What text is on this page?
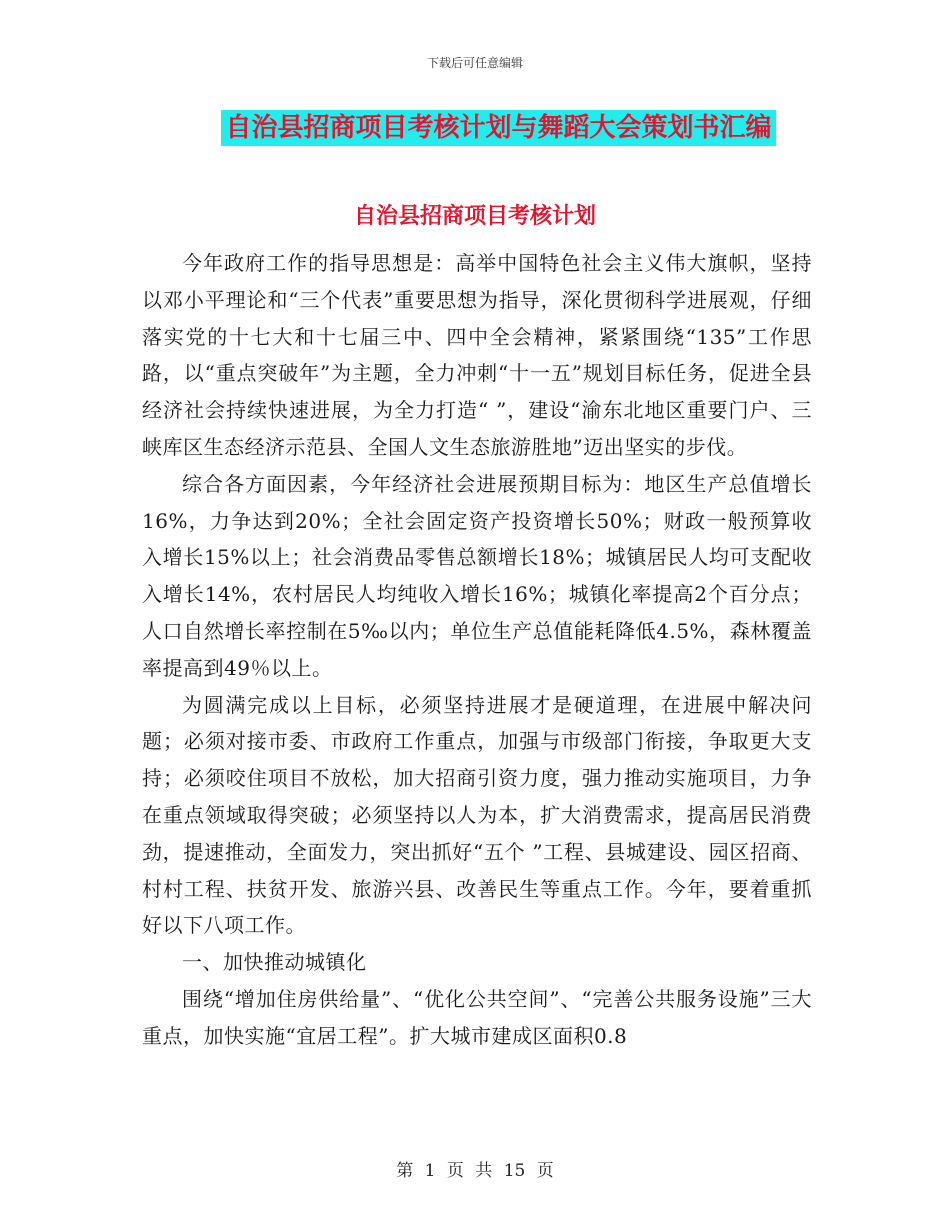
下载后可任意编辑
自治县招商项目考核计划与舞蹈大会策划书汇编
自治县招商项目考核计划

今年政府工作的指导思想是：高举中国特色社会主义伟大旗帜，坚持以邓小平理论和“三个代表”重要思想为指导，深化贯彻科学进展观，仔细落实党的十七大和十七届三中、四中全会精神，紧紧围绕“135”工作思路，以“重点突破年”为主题，全力冲刺“十一五”规划目标任务，促进全县经济社会持续快速进展，为全力打造“ ”，建设“渝东北地区重要门户、三峡库区生态经济示范县、全国人文生态旅游胜地”迈出坚实的步伐。

综合各方面因素，今年经济社会进展预期目标为：地区生产总值增长16%，力争达到20%；全社会固定资产投资增长50%；财政一般预算收入增长15%以上；社会消费品零售总额增长18%；城镇居民人均可支配收入增长14%，农村居民人均纯收入增长16%；城镇化率提高2个百分点；人口自然增长率控制在5‰以内；单位生产总值能耗降低4.5%，森林覆盖率提高到49％以上。

为圆满完成以上目标，必须坚持进展才是硬道理，在进展中解决问题；必须对接市委、市政府工作重点，加强与市级部门衔接，争取更大支持；必须咬住项目不放松，加大招商引资力度，强力推动实施项目，力争在重点领域取得突破；必须坚持以人为本，扩大消费需求，提高居民消费劲，提速推动，全面发力，突出抓好“五个 ”工程、县城建设、园区招商、村村工程、扶贫开发、旅游兴县、改善民生等重点工作。今年，要着重抓好以下八项工作。

一、加快推动城镇化

围绕“增加住房供给量”、“优化公共空间”、“完善公共服务设施”三大重点，加快实施“宜居工程”。扩大城市建成区面积0.8

第 1 页 共 15 页
